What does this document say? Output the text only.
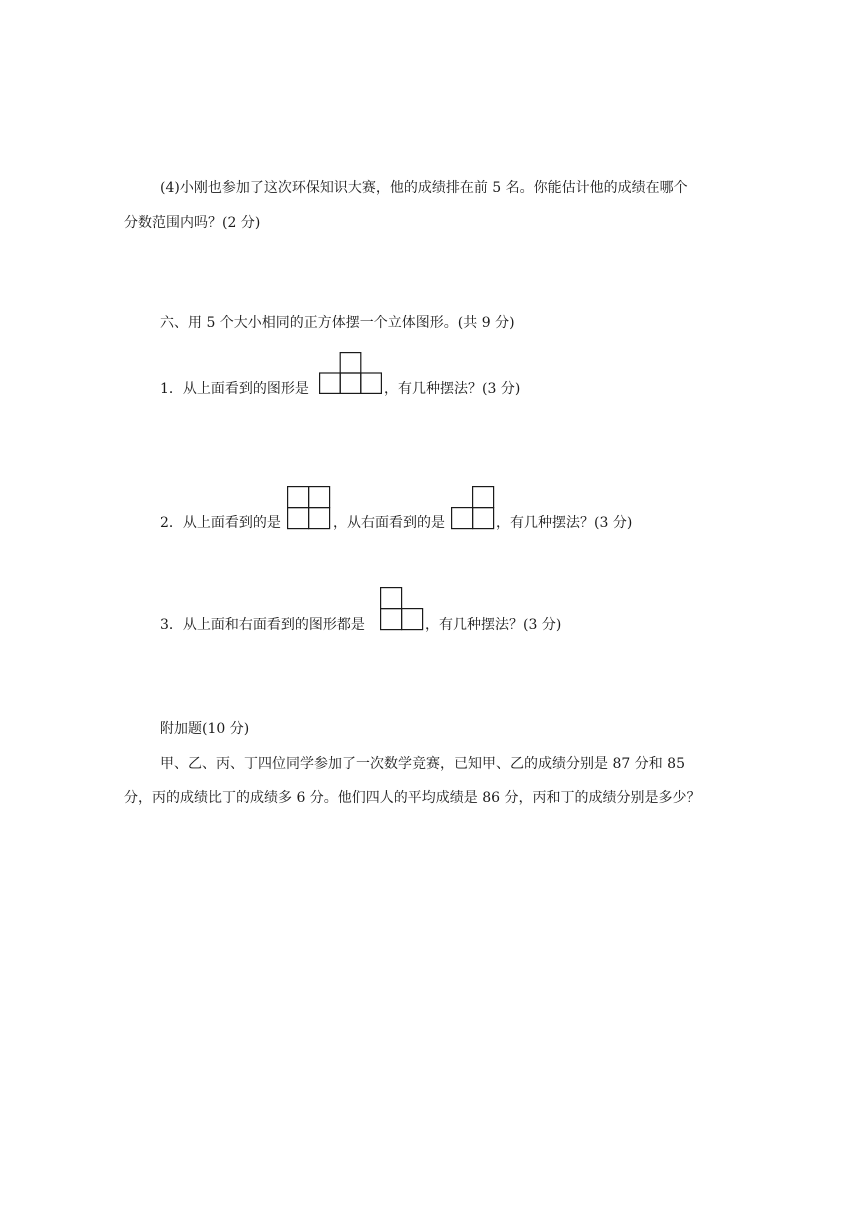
(4)小刚也参加了这次环保知识大赛，他的成绩排在前 5 名。你能估计他的成绩在哪个
分数范围内吗？(2 分)
六、用 5 个大小相同的正方体摆一个立体图形。(共 9 分)
1．从上面看到的图形是	，有几种摆法？(3 分)
2．从上面看到的是	，从右面看到的是	，有几种摆法？(3 分)
3．从上面和右面看到的图形都是	，有几种摆法？(3 分)
附加题(10 分)
甲、乙、丙、丁四位同学参加了一次数学竞赛，已知甲、乙的成绩分别是 87 分和 85
分，丙的成绩比丁的成绩多 6 分。他们四人的平均成绩是 86 分，丙和丁的成绩分别是多少？
